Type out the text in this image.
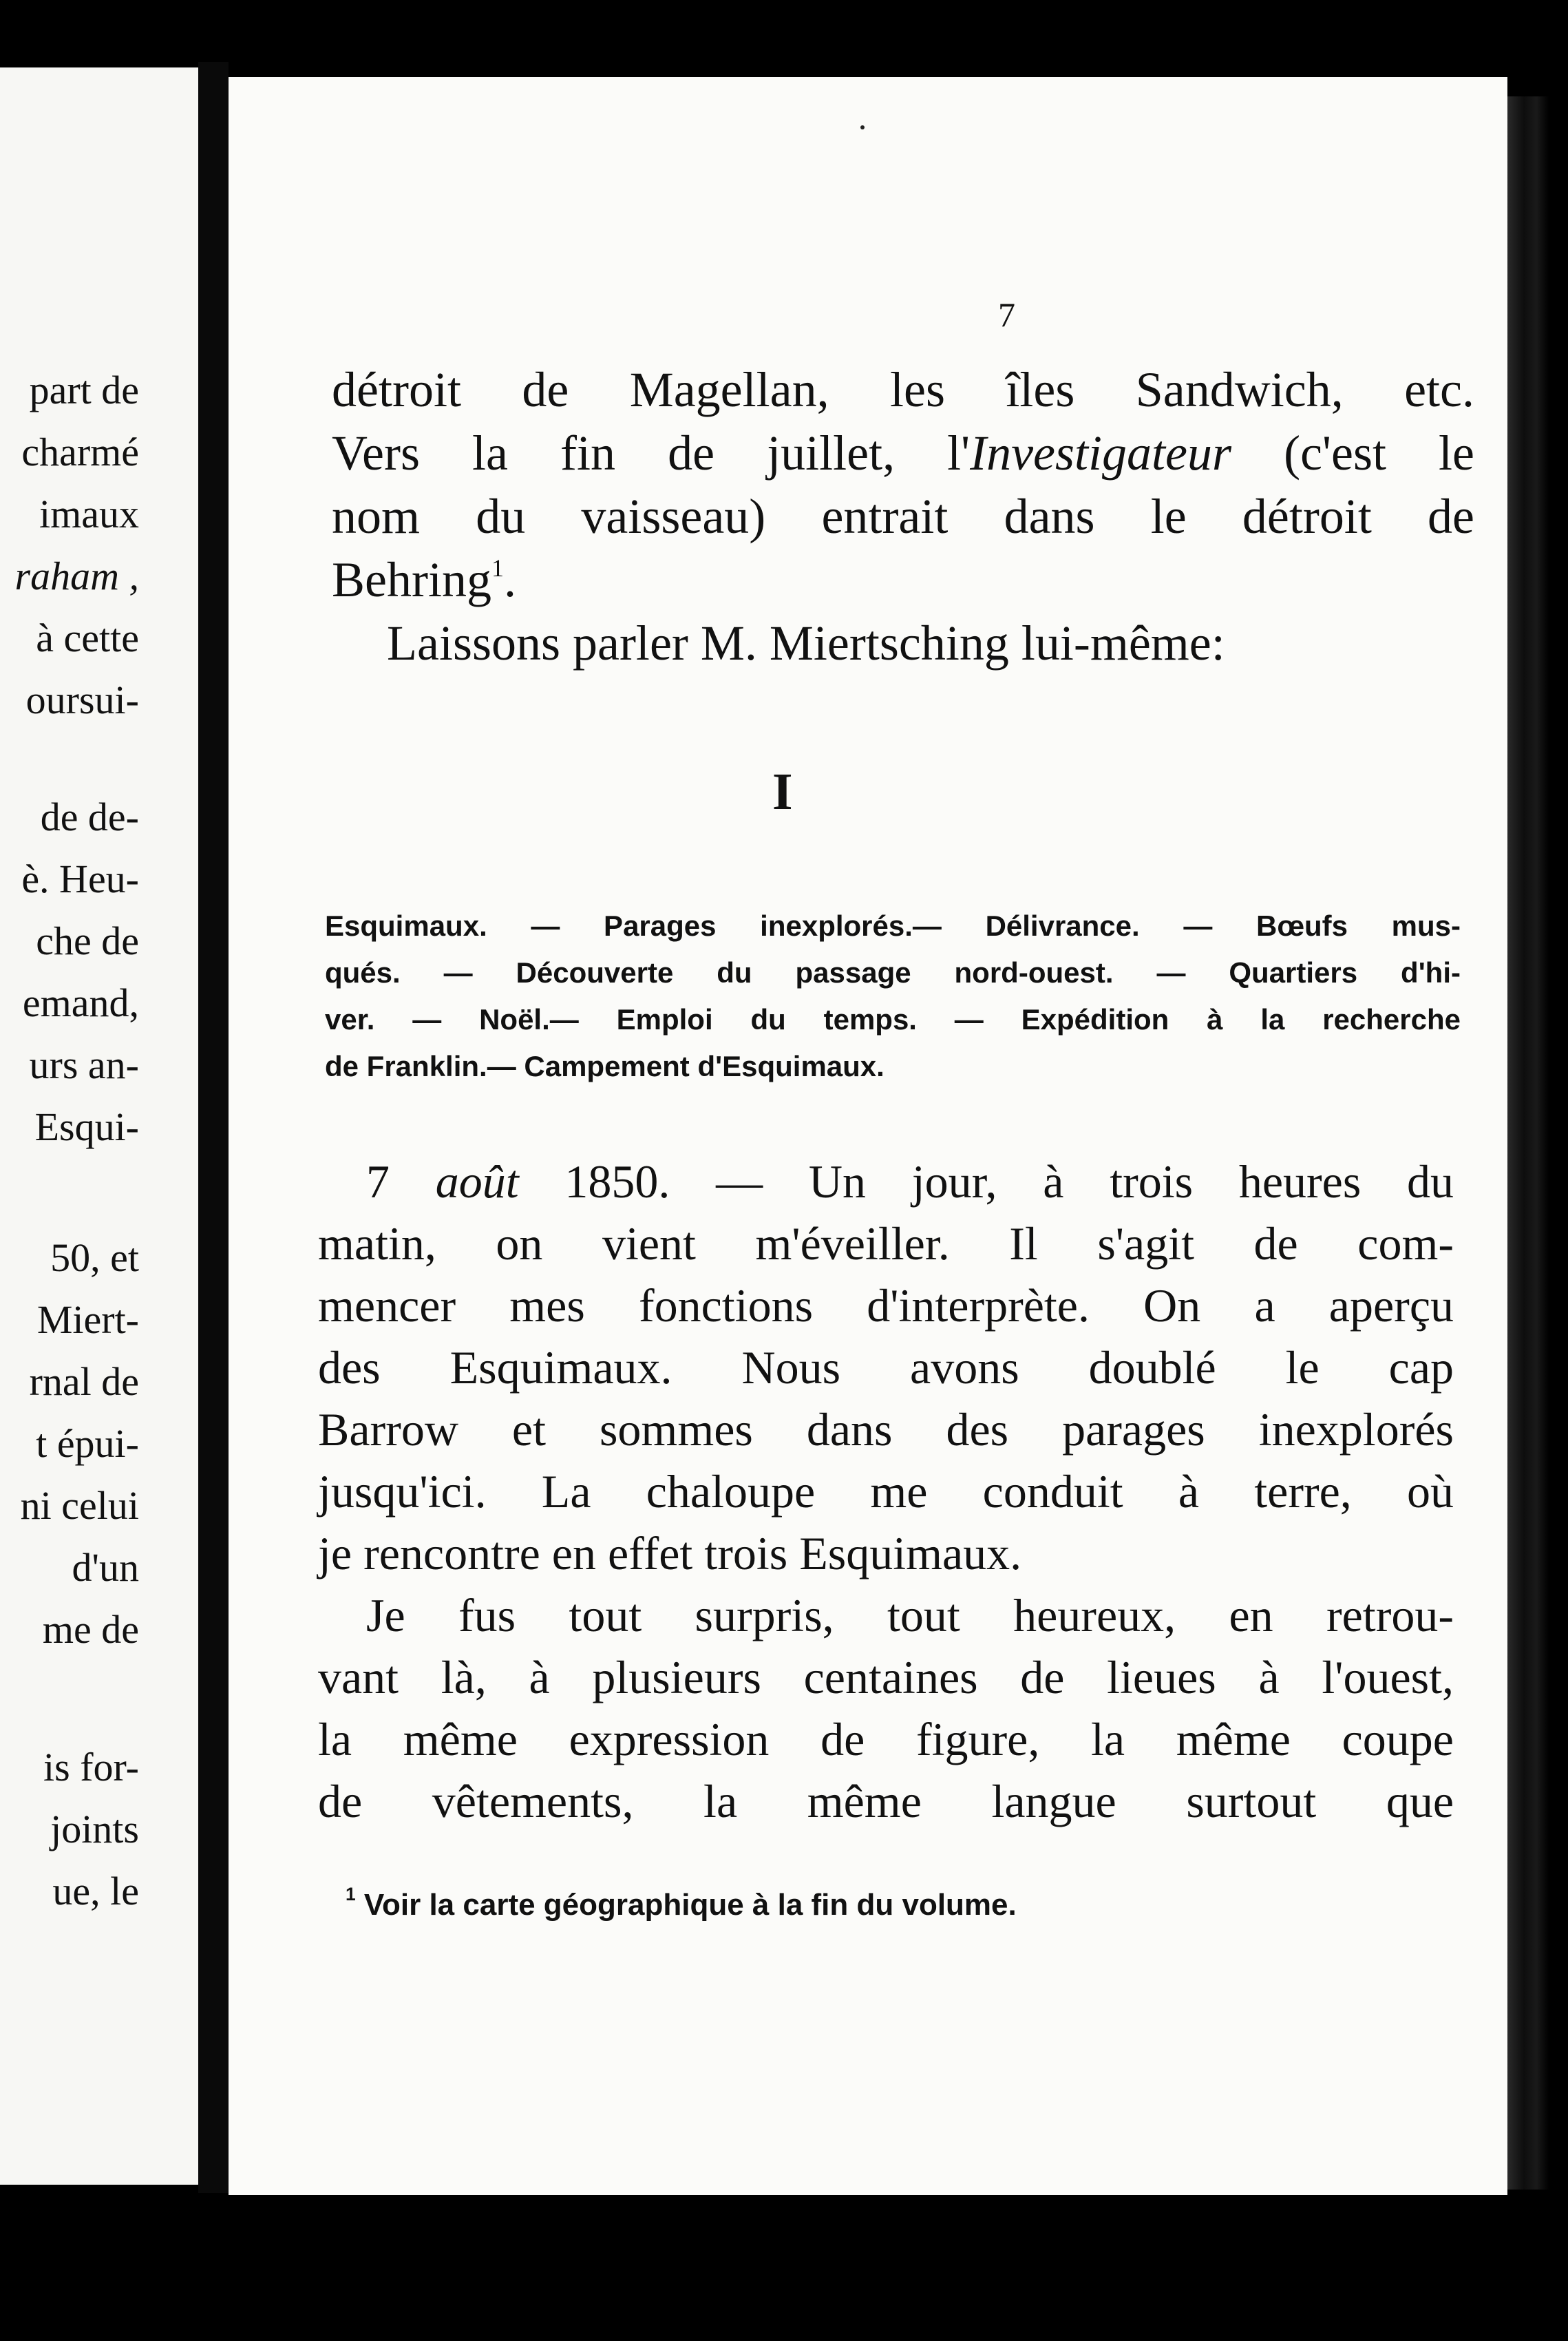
part de
charmé
imaux
raham ,
à cette
oursui-
de de-
è. Heu-
che de
emand,
urs an-
Esqui-
50, et
Miert-
rnal de
t épui-
ni celui
d'un
me de
is for-
joints
ue, le
7
détroit de Magellan, les îles Sandwich, etc.
Vers la fin de juillet, l'Investigateur (c'est le
nom du vaisseau) entrait dans le détroit de
Behring$^1$.
Laissons parler M. Miertsching lui-même:
I
Esquimaux. — Parages inexplorés.— Délivrance. — Bœufs mus-
qués. — Découverte du passage nord-ouest. — Quartiers d'hi-
ver. — Noël.— Emploi du temps. — Expédition à la recherche
de Franklin.— Campement d'Esquimaux.
7 août 1850. — Un jour, à trois heures du
matin, on vient m'éveiller. Il s'agit de com-
mencer mes fonctions d'interprète. On a aperçu
des Esquimaux. Nous avons doublé le cap
Barrow et sommes dans des parages inexplorés
jusqu'ici. La chaloupe me conduit à terre, où
je rencontre en effet trois Esquimaux.
Je fus tout surpris, tout heureux, en retrou-
vant là, à plusieurs centaines de lieues à l'ouest,
la même expression de figure, la même coupe
de vêtements, la même langue surtout que
$^1$ Voir la carte géographique à la fin du volume.
